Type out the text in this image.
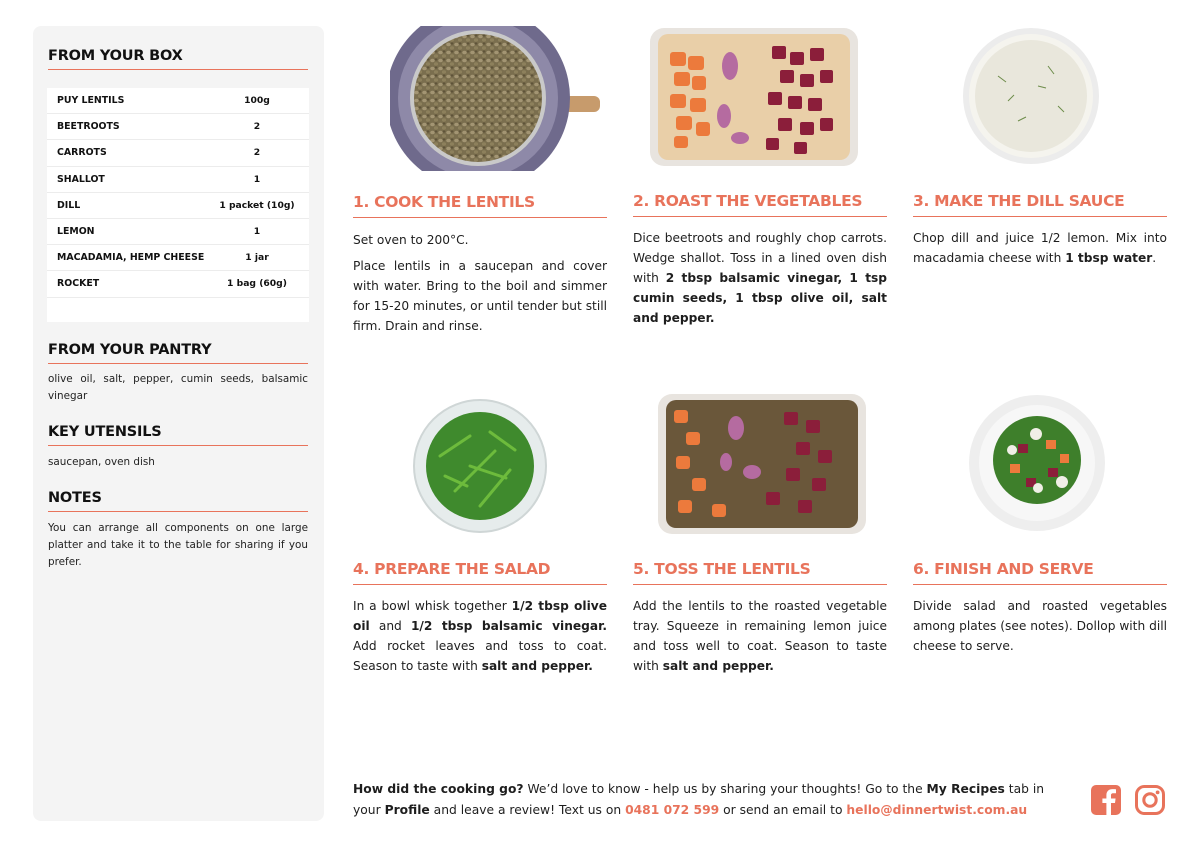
FROM YOUR BOX
PUY LENTILS	100g
BEETROOTS	2
CARROTS	2
SHALLOT	1
DILL	1 packet (10g)
LEMON	1
MACADAMIA, HEMP CHEESE	1 jar
ROCKET	1 bag (60g)
FROM YOUR PANTRY
olive oil, salt, pepper, cumin seeds, balsamic vinegar
KEY UTENSILS
saucepan, oven dish
NOTES
You can arrange all components on one large platter and take it to the table for sharing if you prefer.
1. COOK THE LENTILS

Set oven to 200°C.

Place lentils in a saucepan and cover with water. Bring to the boil and simmer for 15-20 minutes, or until tender but still firm. Drain and rinse.

2. ROAST THE VEGETABLES

Dice beetroots and roughly chop carrots. Wedge shallot. Toss in a lined oven dish with 2 tbsp balsamic vinegar, 1 tsp cumin seeds, 1 tbsp olive oil, salt and pepper.

3. MAKE THE DILL SAUCE

Chop dill and juice 1/2 lemon. Mix into macadamia cheese with 1 tbsp water.

4. PREPARE THE SALAD

In a bowl whisk together 1/2 tbsp olive oil and 1/2 tbsp balsamic vinegar. Add rocket leaves and toss to coat. Season to taste with salt and pepper.

5. TOSS THE LENTILS

Add the lentils to the roasted vegetable tray. Squeeze in remaining lemon juice and toss well to coat. Season to taste with salt and pepper.

6. FINISH AND SERVE

Divide salad and roasted vegetables among plates (see notes). Dollop with dill cheese to serve.

How did the cooking go? We’d love to know - help us by sharing your thoughts! Go to the My Recipes tab in your Profile and leave a review! Text us on 0481 072 599 or send an email to hello@dinnertwist.com.au
